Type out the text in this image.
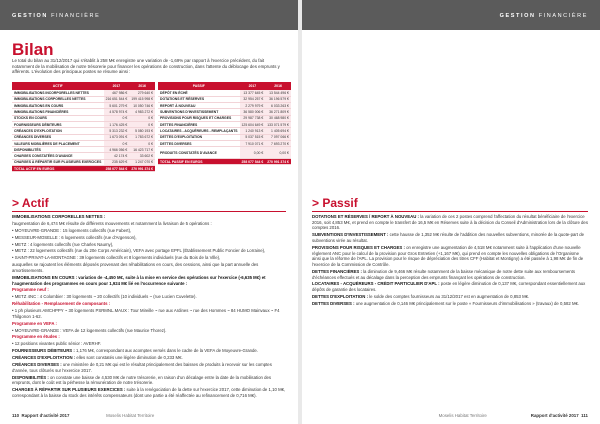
GESTION FINANCIÈRE
Bilan
Le total du bilan au 31/12/2017 qui s'établit à 258 M€ enregistre une variation de -1,69% par rapport à l'exercice précédent, du fait notamment de la mobilisation de notre trésorerie pour financer les opérations de construction, dans l'attente du déblocage des emprunts y afférents. L'évolution des principaux postes se résume ainsi :
ACTIF	2017	2016
IMMOBILISATIONS INCORPORELLES NETTES	467 986 €	279 640 €
IMMOBILISATIONS CORPORELLES NETTES	216 651 544 €	199 415 998 €
IMMOBILISATIONS EN COURS	5 601 279 €	10 050 746 €
IMMOBILISATIONS FINANCIÈRES	4 578 974 €	4 983 272 €
STOCKS EN COURS	0 €	0 €
FOURNISSEURS DÉBITEURS	1 176 425 €	0 €
CRÉANCES D'EXPLOITATION	5 313 232 €	5 080 193 €
CRÉANCES DIVERSES	1 673 091 €	1 783 672 €
VALEURS MOBILIÈRES DE PLACEMENT	0 €	0 €
DISPONIBILITÉS	4 966 056 €	16 423 717 €
CHARGES CONSTATÉES D'AVANCE	42 174 €	33 602 €
CHARGES À RÉPARTIR SUR PLUSIEURS EXERCICES	235 629 €	1 247 070 €
TOTAL ACTIF EN EUROS	258 077 544 €	270 991 374 €
PASSIF	2017	2016
DÉPÔT EN ÉCHÉ	13 377 645 €	13 544 496 €
DOTATIONS ET RÉSERVES	32 954 257 €	36 196 579 €
REPORT À NOUVEAU	2 279 979 €	6 033 263 €
SUBVENTIONS D'INVESTISSEMENT	36 580 006 €	36 271 809 €
PROVISIONS POUR RISQUES ET CHARGES	29 987 738 €	30 468 980 €
DETTES FINANCIÈRES	125 604 649 €	133 071 579 €
LOCATAIRES - ACQUÉREURS - REMPLAÇANTS	1 240 913 €	1 405 694 €
DETTES D'EXPLOITATION	5 037 515 €	7 097 066 €
DETTES DIVERSES	7 910 071 €	7 693 270 €
PRODUITS CONSTATÉS D'AVANCE	0,00 €	0,00 €
TOTAL PASSIF EN EUROS	258 077 544 €	270 991 374 €
> Actif

IMMOBILISATIONS CORPORELLES NETTES :

l'augmentation de 6,474 M€ résulte de différents mouvements et notamment la livraison de 5 opérations :

• MOYEUVRE-GRANDE : 15 logements collectifs (rue Fabert),

• MESSEUR-MOSELLE : 6 logements collectifs (rue d'Argenson),

• METZ : 4 logements collectifs (rue Charles Naumy),

• METZ : 22 logements collectifs (rue du 20e Corps Américain), VEFA avec portage EPFL (Établissement Public Foncier de Lorraine),

• SAINT-PRIVAT-LA-MONTAGNE : 39 logements collectifs et 8 logements individuels (rue du Bois de la Ville),

auxquelles se rajoutent les éléments déposés provenant des réhabilitations en cours, des cessions, ainsi que la part annuelle des amortissements.

IMMOBILISATIONS EN COURS : variation de -4,450 M€, suite à la mise en service des opérations sur l'exercice (-6,635 M€) et l'augmentation des programmes en cours pour 1,924 M€ lié en l'occurrence suivante :

Programme neuf :

• METZ 4NC : 4 Colombier : 30 logements ~ 20 collectifs (10 individuels ~ (rue Lucien Cuvelette).

Réhabilitation - Remplacement de composants :

• 1 ph plusieurs AMCHPPY ~ 30 logements PSRMNL.MAUX : Tour Mireille ~ rue aux Ardines ~ rue des Hommes ~ 84 HUMO Mainvaux ~ F4 Thilgonon 1-62.

Programme en VEFA :

• MOYEUVRE-GRANDE : VEFA de 12 logements collectifs (rue Maurice Thorez).

Programme en études :

• 12 positions vivantes public sénior : AVERHF.

FOURNISSEURS DÉBITEURS : 1,176 M€, correspondant aux acomptes versés dans le cadre de la VEFA de Moyeuvre-Grande.

CRÉANCES D'EXPLOITATION : elles sont constatés une légère diminution de 0,233 M€.

CRÉANCES DIVERSES : une ministère de 0,21 M€ qui est le résultat principalement des baisses de produits à recevoir sur les comptes d'année, tous clôturés sur l'exercice 2017.

DISPONIBILITÉS : on constate une baisse de 4,530 M€ de notre trésorerie, en raison d'un décalage entre la date de la mobilisation des emprunts, dont le coût est la pérhesse la rémunération de notre trésorerie.

CHARGES À RÉPARTIR SUR PLUSIEURS EXERCICES : suite à la renégociation de la dette sur l'exercice 2017, cette diminution de 1,10 M€, correspondant à la baisse du stock des intérêts compensateurs (dont une partie a été réaffectée au refinancement de 0,716 M€).

110 Rapport d'activité 2017	Moselis Habitat Territoire
GESTION FINANCIÈRE
> Passif

DOTATIONS ET RÉSERVES / REPORT À NOUVEAU : la variation de ces 2 postes comprend l'affectation du résultat bénéficiaire de l'exercice 2016, soit 4,853 M€, et prend en compte le transfert de 16,5 M€ en Réserves suite à la décision du Conseil d'Administration lors de la clôture des comptes 2016.

SUBVENTIONS D'INVESTISSEMENT : cette hausse de 1,352 M€ résulte de l'addition des nouvelles subventions, minorée de la quote-part de subventions virée au résultat.

PROVISIONS POUR RISQUES ET CHARGES : on enregistre une augmentation de 4,518 M€ notamment suite à l'application d'une nouvelle règlement ANC pour le calcul de la provision pour Gros Entretien (+1,167 M€), qui prend en compte les nouvelles obligations de l'Organisme ainsi que la réforme de l'APL. La provision pour le risque de dépréciation des titres CFF (Habitat et Montigny) a été passée à 1,98 M€ de fin de l'exercice de la Commission de Contrôle.

DETTES FINANCIÈRES : la diminution de 9,466 M€ résulte notamment de la baisse mécanique de notre dette suite aux remboursements d'échéances effectués et au décalage dans la perception des emprunts finançant les opérations de construction.

LOCATAIRES - ACQUÉREURS - CRÉDIT PARTICULIER D'APL : poste en légère diminution de 0,137 M€, correspondant essentiellement aux dépôts de garantie des locataires.

DETTES D'EXPLOITATION : le solde des comptes fournisseurs au 31/12/2017 est en augmentation de 0,853 M€.

DETTES DIVERSES : une augmentation de 0,146 M€ principalement sur le poste « Fournisseurs d'immobilisations » (travaux) de 0,582 M€.

Moselis Habitat Territoire	Rapport d'activité 2017 111
